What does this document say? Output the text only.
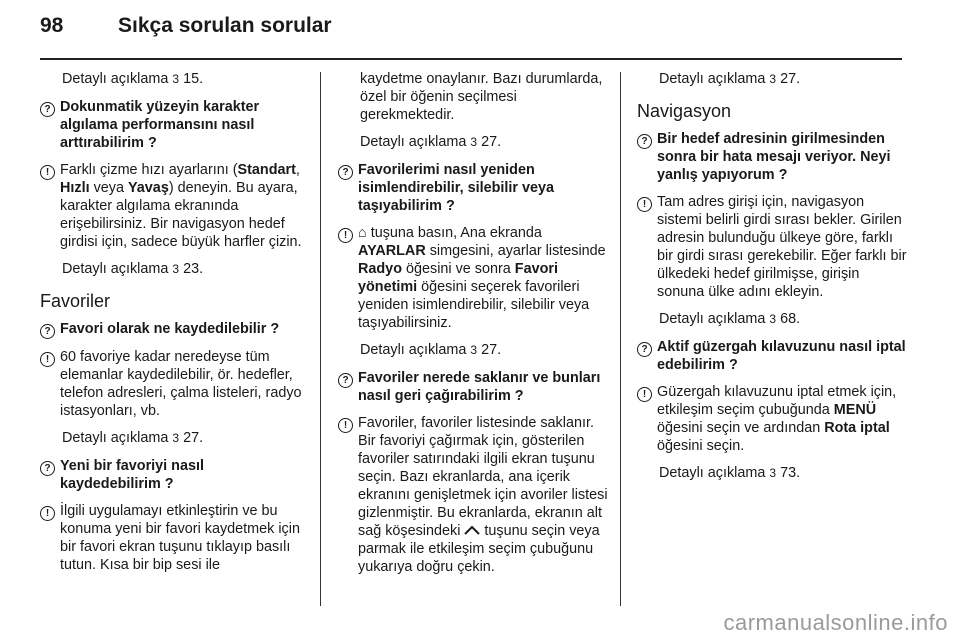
98	Sıkça sorulan sorular
Detaylı açıklama 3 15.
? Dokunmatik yüzeyin karakter algılama performansını nasıl arttırabilirim ?
! Farklı çizme hızı ayarlarını (Standart, Hızlı veya Yavaş) deneyin. Bu ayara, karakter algılama ekranında erişebilirsiniz. Bir navigasyon hedef girdisi için, sadece büyük harfler çizin.
Detaylı açıklama 3 23.
Favoriler
? Favori olarak ne kaydedilebilir ?
! 60 favoriye kadar neredeyse tüm elemanlar kaydedilebilir, ör. hedefler, telefon adresleri, çalma listeleri, radyo istasyonları, vb.
Detaylı açıklama 3 27.
? Yeni bir favoriyi nasıl kaydedebilirim ?
! İlgili uygulamayı etkinleştirin ve bu konuma yeni bir favori kaydetmek için bir favori ekran tuşunu tıklayıp basılı tutun. Kısa bir bip sesi ile
kaydetme onaylanır. Bazı durumlarda, özel bir öğenin seçilmesi gerekmektedir.
Detaylı açıklama 3 27.
? Favorilerimi nasıl yeniden isimlendirebilir, silebilir veya taşıyabilirim ?
! ⌂ tuşuna basın, Ana ekranda AYARLAR simgesini, ayarlar listesinde Radyo öğesini ve sonra Favori yönetimi öğesini seçerek favorileri yeniden isimlendirebilir, silebilir veya taşıyabilirsiniz.
Detaylı açıklama 3 27.
? Favoriler nerede saklanır ve bunları nasıl geri çağırabilirim ?
! Favoriler, favoriler listesinde saklanır. Bir favoriyi çağırmak için, gösterilen favoriler satırındaki ilgili ekran tuşunu seçin. Bazı ekranlarda, ana içerik ekranını genişletmek için avoriler listesi gizlenmiştir. Bu ekranlarda, ekranın alt sağ köşesindeki tuşunu seçin veya parmak ile etkileşim seçim çubuğunu yukarıya doğru çekin.
Detaylı açıklama 3 27.
Navigasyon
? Bir hedef adresinin girilmesinden sonra bir hata mesajı veriyor. Neyi yanlış yapıyorum ?
! Tam adres girişi için, navigasyon sistemi belirli girdi sırası bekler. Girilen adresin bulunduğu ülkeye göre, farklı bir girdi sırası gerekebilir. Eğer farklı bir ülkedeki hedef girilmişse, girişin sonuna ülke adını ekleyin.
Detaylı açıklama 3 68.
? Aktif güzergah kılavuzunu nasıl iptal edebilirim ?
! Güzergah kılavuzunu iptal etmek için, etkileşim seçim çubuğunda MENÜ öğesini seçin ve ardından Rota iptal öğesini seçin.
Detaylı açıklama 3 73.
carmanualsonline.info
